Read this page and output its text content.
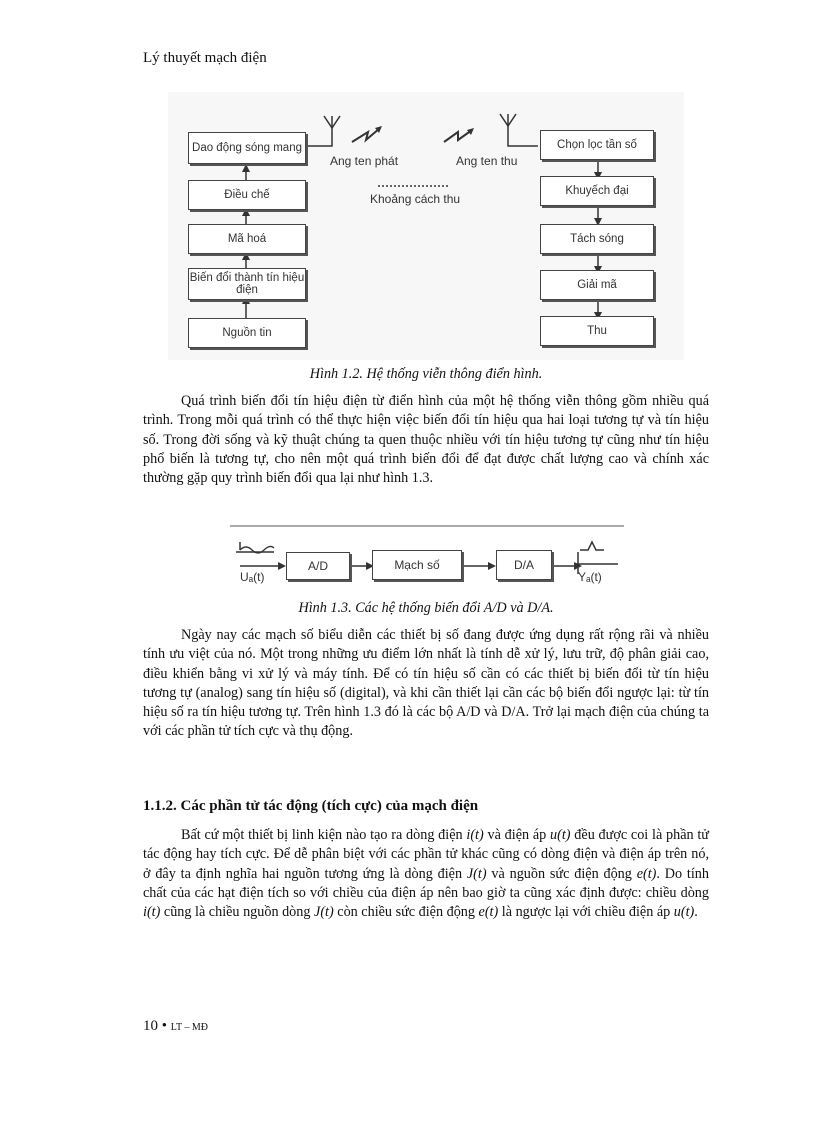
Lý thuyết mạch điện
Dao động sóng mang
Điều chế
Mã hoá
Biến đổi thành tín hiệu điện
Nguồn tin
Chọn lọc tần số
Khuyếch đại
Tách sóng
Giải mã
Thu
Ang ten phát	Ang ten thu
Khoảng cách thu
Hình 1.2. Hệ thống viễn thông điển hình.

Quá trình biến đổi tín hiệu điện từ điển hình của một hệ thống viễn thông gồm nhiều quá trình. Trong mỗi quá trình có thể thực hiện việc biến đổi tín hiệu qua hai loại tương tự và tín hiệu số. Trong đời sống và kỹ thuật chúng ta quen thuộc nhiều với tín hiệu tương tự cũng như tín hiệu phổ biến là tương tự, cho nên một quá trình biến đổi để đạt được chất lượng cao và chính xác thường gặp quy trình biến đổi qua lại như hình 1.3.

A/D	Mạch số	D/A
Uₐ(t)	Yₐ(t)
Hình 1.3. Các hệ thống biến đổi A/D và D/A.

Ngày nay các mạch số biểu diễn các thiết bị số đang được ứng dụng rất rộng rãi và nhiều tính ưu việt của nó. Một trong những ưu điểm lớn nhất là tính dễ xử lý, lưu trữ, độ phân giải cao, điều khiển bằng vi xử lý và máy tính. Để có tín hiệu số cần có các thiết bị biến đổi từ tín hiệu tương tự (analog) sang tín hiệu số (digital), và khi cần thiết lại cần các bộ biến đổi ngược lại: từ tín hiệu số ra tín hiệu tương tự. Trên hình 1.3 đó là các bộ A/D và D/A. Trở lại mạch điện của chúng ta với các phần tử tích cực và thụ động.

1.1.2. Các phần tử tác động (tích cực) của mạch điện

Bất cứ một thiết bị linh kiện nào tạo ra dòng điện i(t) và điện áp u(t) đều được coi là phần tử tác động hay tích cực. Để dễ phân biệt với các phần tử khác cũng có dòng điện và điện áp trên nó, ở đây ta định nghĩa hai nguồn tương ứng là dòng điện J(t) và nguồn sức điện động e(t). Do tính chất của các hạt điện tích so với chiều của điện áp nên bao giờ ta cũng xác định được: chiều dòng i(t) cũng là chiều nguồn dòng J(t) còn chiều sức điện động e(t) là ngược lại với chiều điện áp u(t).

10 • LT – MĐ
